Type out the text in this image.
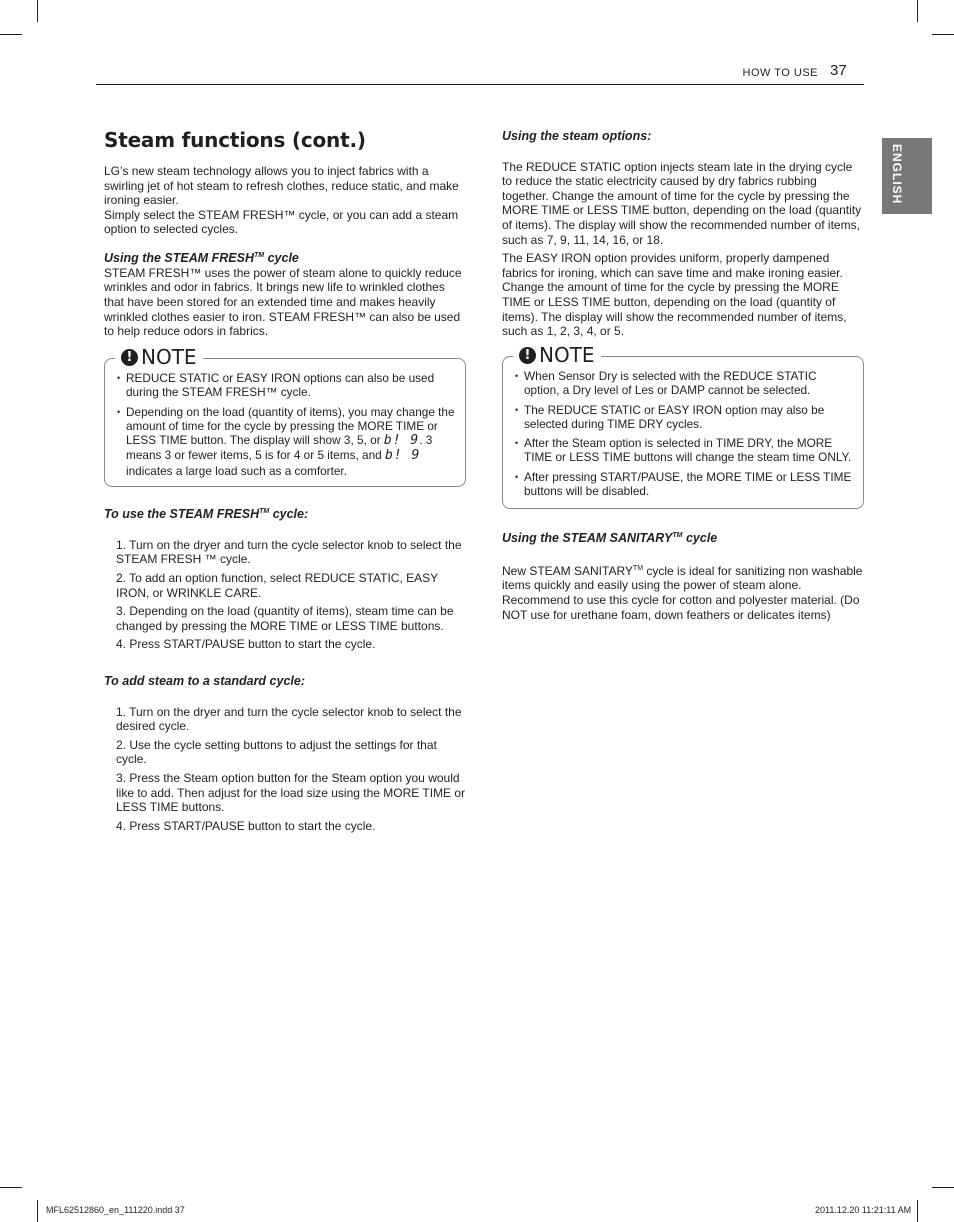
HOW TO USE 37
ENGLISH
Steam functions (cont.)

LG’s new steam technology allows you to inject fabrics with a swirling jet of hot steam to refresh clothes, reduce static, and make ironing easier.

Simply select the STEAM FRESH™ cycle, or you can add a steam option to selected cycles.

Using the STEAM FRESH™ cycle

STEAM FRESH™ uses the power of steam alone to quickly reduce wrinkles and odor in fabrics. It brings new life to wrinkled clothes that have been stored for an extended time and makes heavily wrinkled clothes easier to iron. STEAM FRESH™ can also be used to help reduce odors in fabrics.

! NOTE
• REDUCE STATIC or EASY IRON options can also be used during the STEAM FRESH™ cycle.
• Depending on the load (quantity of items), you may change the amount of time for the cycle by pressing the MORE TIME or LESS TIME button. The display will show 3, 5, or b! 9. 3 means 3 or fewer items, 5 is for 4 or 5 items, and b! 9 indicates a large load such as a comforter.

To use the STEAM FRESH™ cycle:

1. Turn on the dryer and turn the cycle selector knob to select the STEAM FRESH ™ cycle.
2. To add an option function, select REDUCE STATIC, EASY IRON, or WRINKLE CARE.
3. Depending on the load (quantity of items), steam time can be changed by pressing the MORE TIME or LESS TIME buttons.
4. Press START/PAUSE button to start the cycle.

To add steam to a standard cycle:

1. Turn on the dryer and turn the cycle selector knob to select the desired cycle.
2. Use the cycle setting buttons to adjust the settings for that cycle.
3. Press the Steam option button for the Steam option you would like to add. Then adjust for the load size using the MORE TIME or LESS TIME buttons.
4. Press START/PAUSE button to start the cycle.

Using the steam options:

The REDUCE STATIC option injects steam late in the drying cycle to reduce the static electricity caused by dry fabrics rubbing together. Change the amount of time for the cycle by pressing the MORE TIME or LESS TIME button, depending on the load (quantity of items). The display will show the recommended number of items, such as 7, 9, 11, 14, 16, or 18.

The EASY IRON option provides uniform, properly dampened fabrics for ironing, which can save time and make ironing easier. Change the amount of time for the cycle by pressing the MORE TIME or LESS TIME button, depending on the load (quantity of items). The display will show the recommended number of items, such as 1, 2, 3, 4, or 5.

! NOTE
• When Sensor Dry is selected with the REDUCE STATIC option, a Dry level of Les or DAMP cannot be selected.
• The REDUCE STATIC or EASY IRON option may also be selected during TIME DRY cycles.
• After the Steam option is selected in TIME DRY, the MORE TIME or LESS TIME buttons will change the steam time ONLY.
• After pressing START/PAUSE, the MORE TIME or LESS TIME buttons will be disabled.

Using the STEAM SANITARY™ cycle

New STEAM SANITARY™ cycle is ideal for sanitizing non washable items quickly and easily using the power of steam alone. Recommend to use this cycle for cotton and polyester material. (Do NOT use for urethane foam, down feathers or delicates items)

MFL62512860_en_111220.indd 37	2011.12.20 11:21:11 AM
